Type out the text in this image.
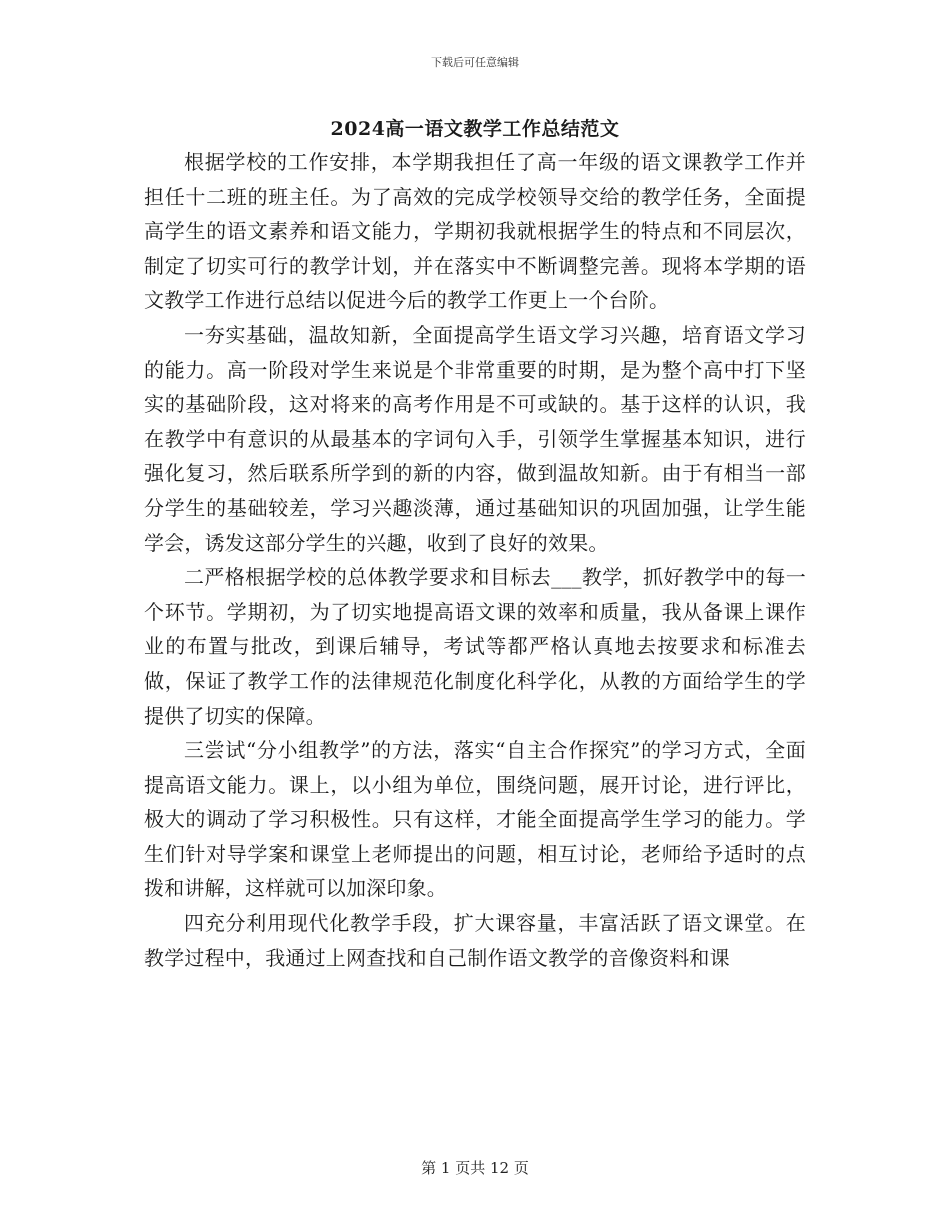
下载后可任意编辑
2024高一语文教学工作总结范文

根据学校的工作安排，本学期我担任了高一年级的语文课教学工作并担任十二班的班主任。为了高效的完成学校领导交给的教学任务，全面提高学生的语文素养和语文能力，学期初我就根据学生的特点和不同层次，制定了切实可行的教学计划，并在落实中不断调整完善。现将本学期的语文教学工作进行总结以促进今后的教学工作更上一个台阶。

一夯实基础，温故知新，全面提高学生语文学习兴趣，培育语文学习的能力。高一阶段对学生来说是个非常重要的时期，是为整个高中打下坚实的基础阶段，这对将来的高考作用是不可或缺的。基于这样的认识，我在教学中有意识的从最基本的字词句入手，引领学生掌握基本知识，进行强化复习，然后联系所学到的新的内容，做到温故知新。由于有相当一部分学生的基础较差，学习兴趣淡薄，通过基础知识的巩固加强，让学生能学会，诱发这部分学生的兴趣，收到了良好的效果。

二严格根据学校的总体教学要求和目标去___教学，抓好教学中的每一个环节。学期初，为了切实地提高语文课的效率和质量，我从备课上课作业的布置与批改，到课后辅导，考试等都严格认真地去按要求和标准去做，保证了教学工作的法律规范化制度化科学化，从教的方面给学生的学提供了切实的保障。

三尝试“分小组教学”的方法，落实“自主合作探究”的学习方式，全面提高语文能力。课上，以小组为单位，围绕问题，展开讨论，进行评比，极大的调动了学习积极性。只有这样，才能全面提高学生学习的能力。学生们针对导学案和课堂上老师提出的问题，相互讨论，老师给予适时的点拨和讲解，这样就可以加深印象。

四充分利用现代化教学手段，扩大课容量，丰富活跃了语文课堂。在教学过程中，我通过上网查找和自己制作语文教学的音像资料和课

第 1 页共 12 页
